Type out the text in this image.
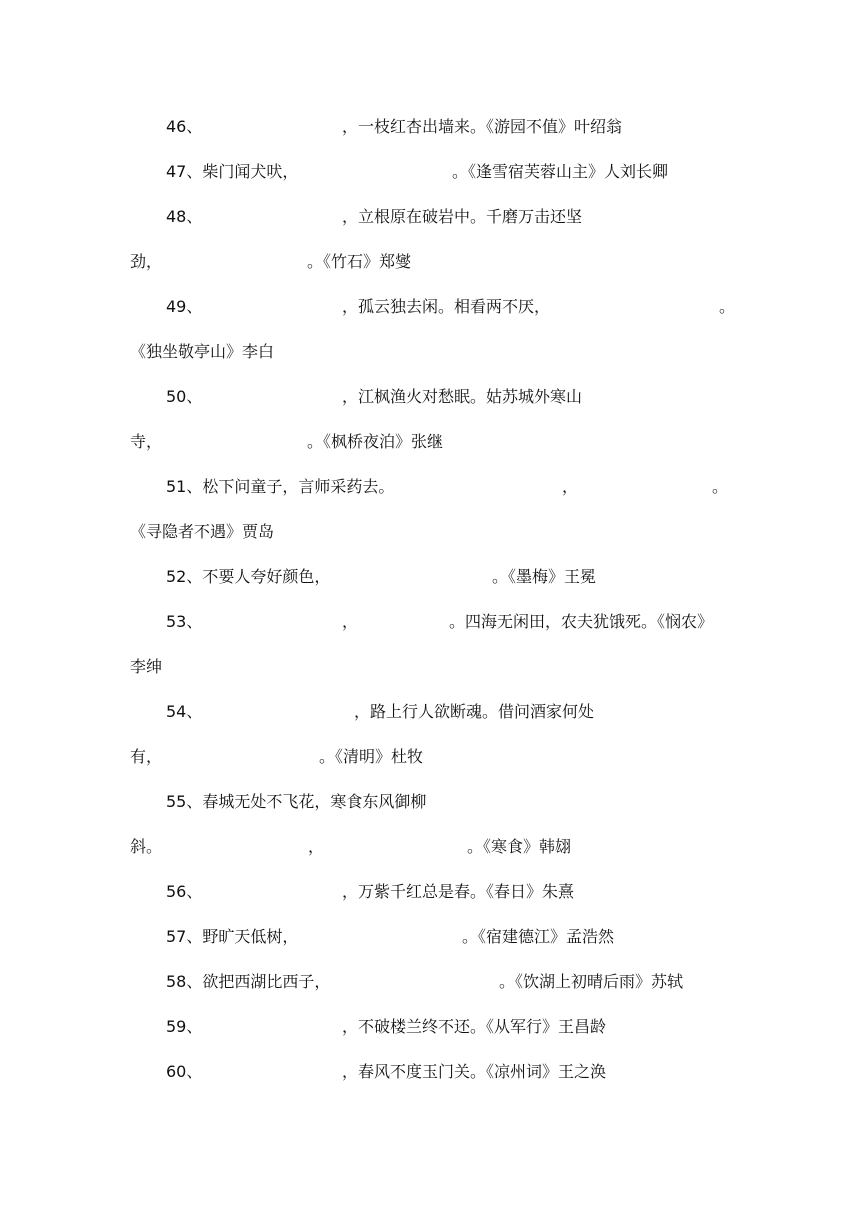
46、	，一枝红杏出墙来。《游园不值》叶绍翁
47、柴门闻犬吠，	。《逢雪宿芙蓉山主》人刘长卿
48、	，立根原在破岩中。千磨万击还坚
劲，	。《竹石》郑燮
49、	，孤云独去闲。相看两不厌，	。
《独坐敬亭山》李白
50、	，江枫渔火对愁眠。姑苏城外寒山
寺，	。《枫桥夜泊》张继
51、松下问童子，言师采药去。	，	。
《寻隐者不遇》贾岛
52、不要人夸好颜色，	。《墨梅》王冕
53、	，	。四海无闲田，农夫犹饿死。《悯农》
李绅
54、	，路上行人欲断魂。借问酒家何处
有，	。《清明》杜牧
55、春城无处不飞花，寒食东风御柳
斜。	，	。《寒食》韩翃
56、	，万紫千红总是春。《春日》朱熹
57、野旷天低树，	。《宿建德江》孟浩然
58、欲把西湖比西子，	。《饮湖上初晴后雨》苏轼
59、	，不破楼兰终不还。《从军行》王昌龄
60、	，春风不度玉门关。《凉州词》王之涣
